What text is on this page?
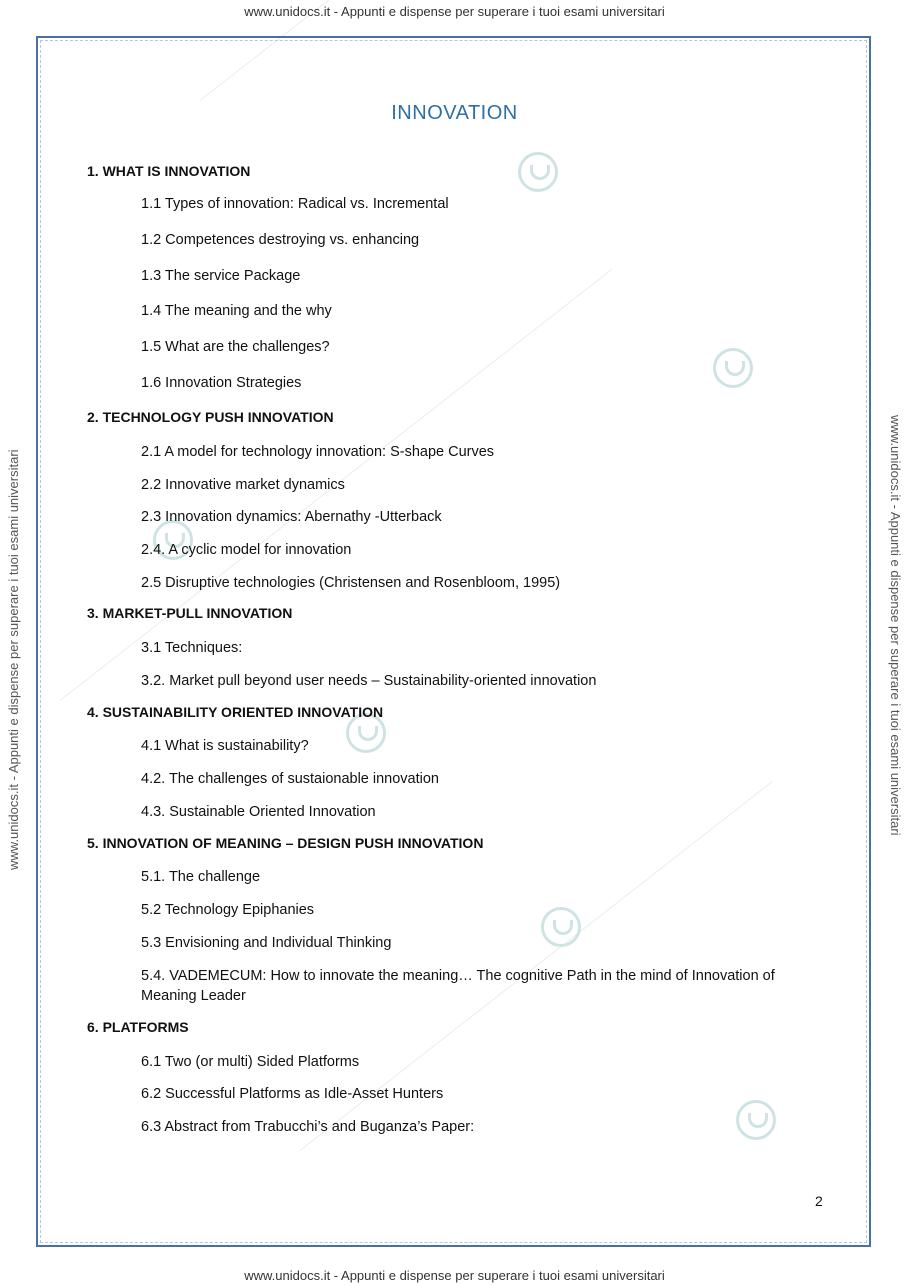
www.unidocs.it - Appunti e dispense per superare i tuoi esami universitari
www.unidocs.it - Appunti e dispense per superare i tuoi esami universitari
www.unidocs.it - Appunti e dispense per superare i tuoi esami universitari	www.unidocs.it - Appunti e dispense per superare i tuoi esami universitari
INNOVATION
1. WHAT IS INNOVATION
1.1 Types of innovation: Radical vs. Incremental
1.2 Competences destroying vs. enhancing
1.3 The service Package
1.4 The meaning and the why
1.5 What are the challenges?
1.6 Innovation Strategies
2. TECHNOLOGY PUSH INNOVATION
2.1 A model for technology innovation: S-shape Curves
2.2 Innovative market dynamics
2.3 Innovation dynamics: Abernathy -Utterback
2.4. A cyclic model for innovation
2.5 Disruptive technologies (Christensen and Rosenbloom, 1995)
3. MARKET-PULL INNOVATION
3.1 Techniques:
3.2. Market pull beyond user needs – Sustainability-oriented innovation
4. SUSTAINABILITY ORIENTED INNOVATION
4.1 What is sustainability?
4.2. The challenges of sustaionable innovation
4.3. Sustainable Oriented Innovation
5. INNOVATION OF MEANING – DESIGN PUSH INNOVATION
5.1. The challenge
5.2 Technology Epiphanies
5.3 Envisioning and Individual Thinking
5.4. VADEMECUM: How to innovate the meaning… The cognitive Path in the mind of Innovation of Meaning Leader
6. PLATFORMS
6.1 Two (or multi) Sided Platforms
6.2 Successful Platforms as Idle-Asset Hunters
6.3 Abstract from Trabucchi’s and Buganza’s Paper:
2
